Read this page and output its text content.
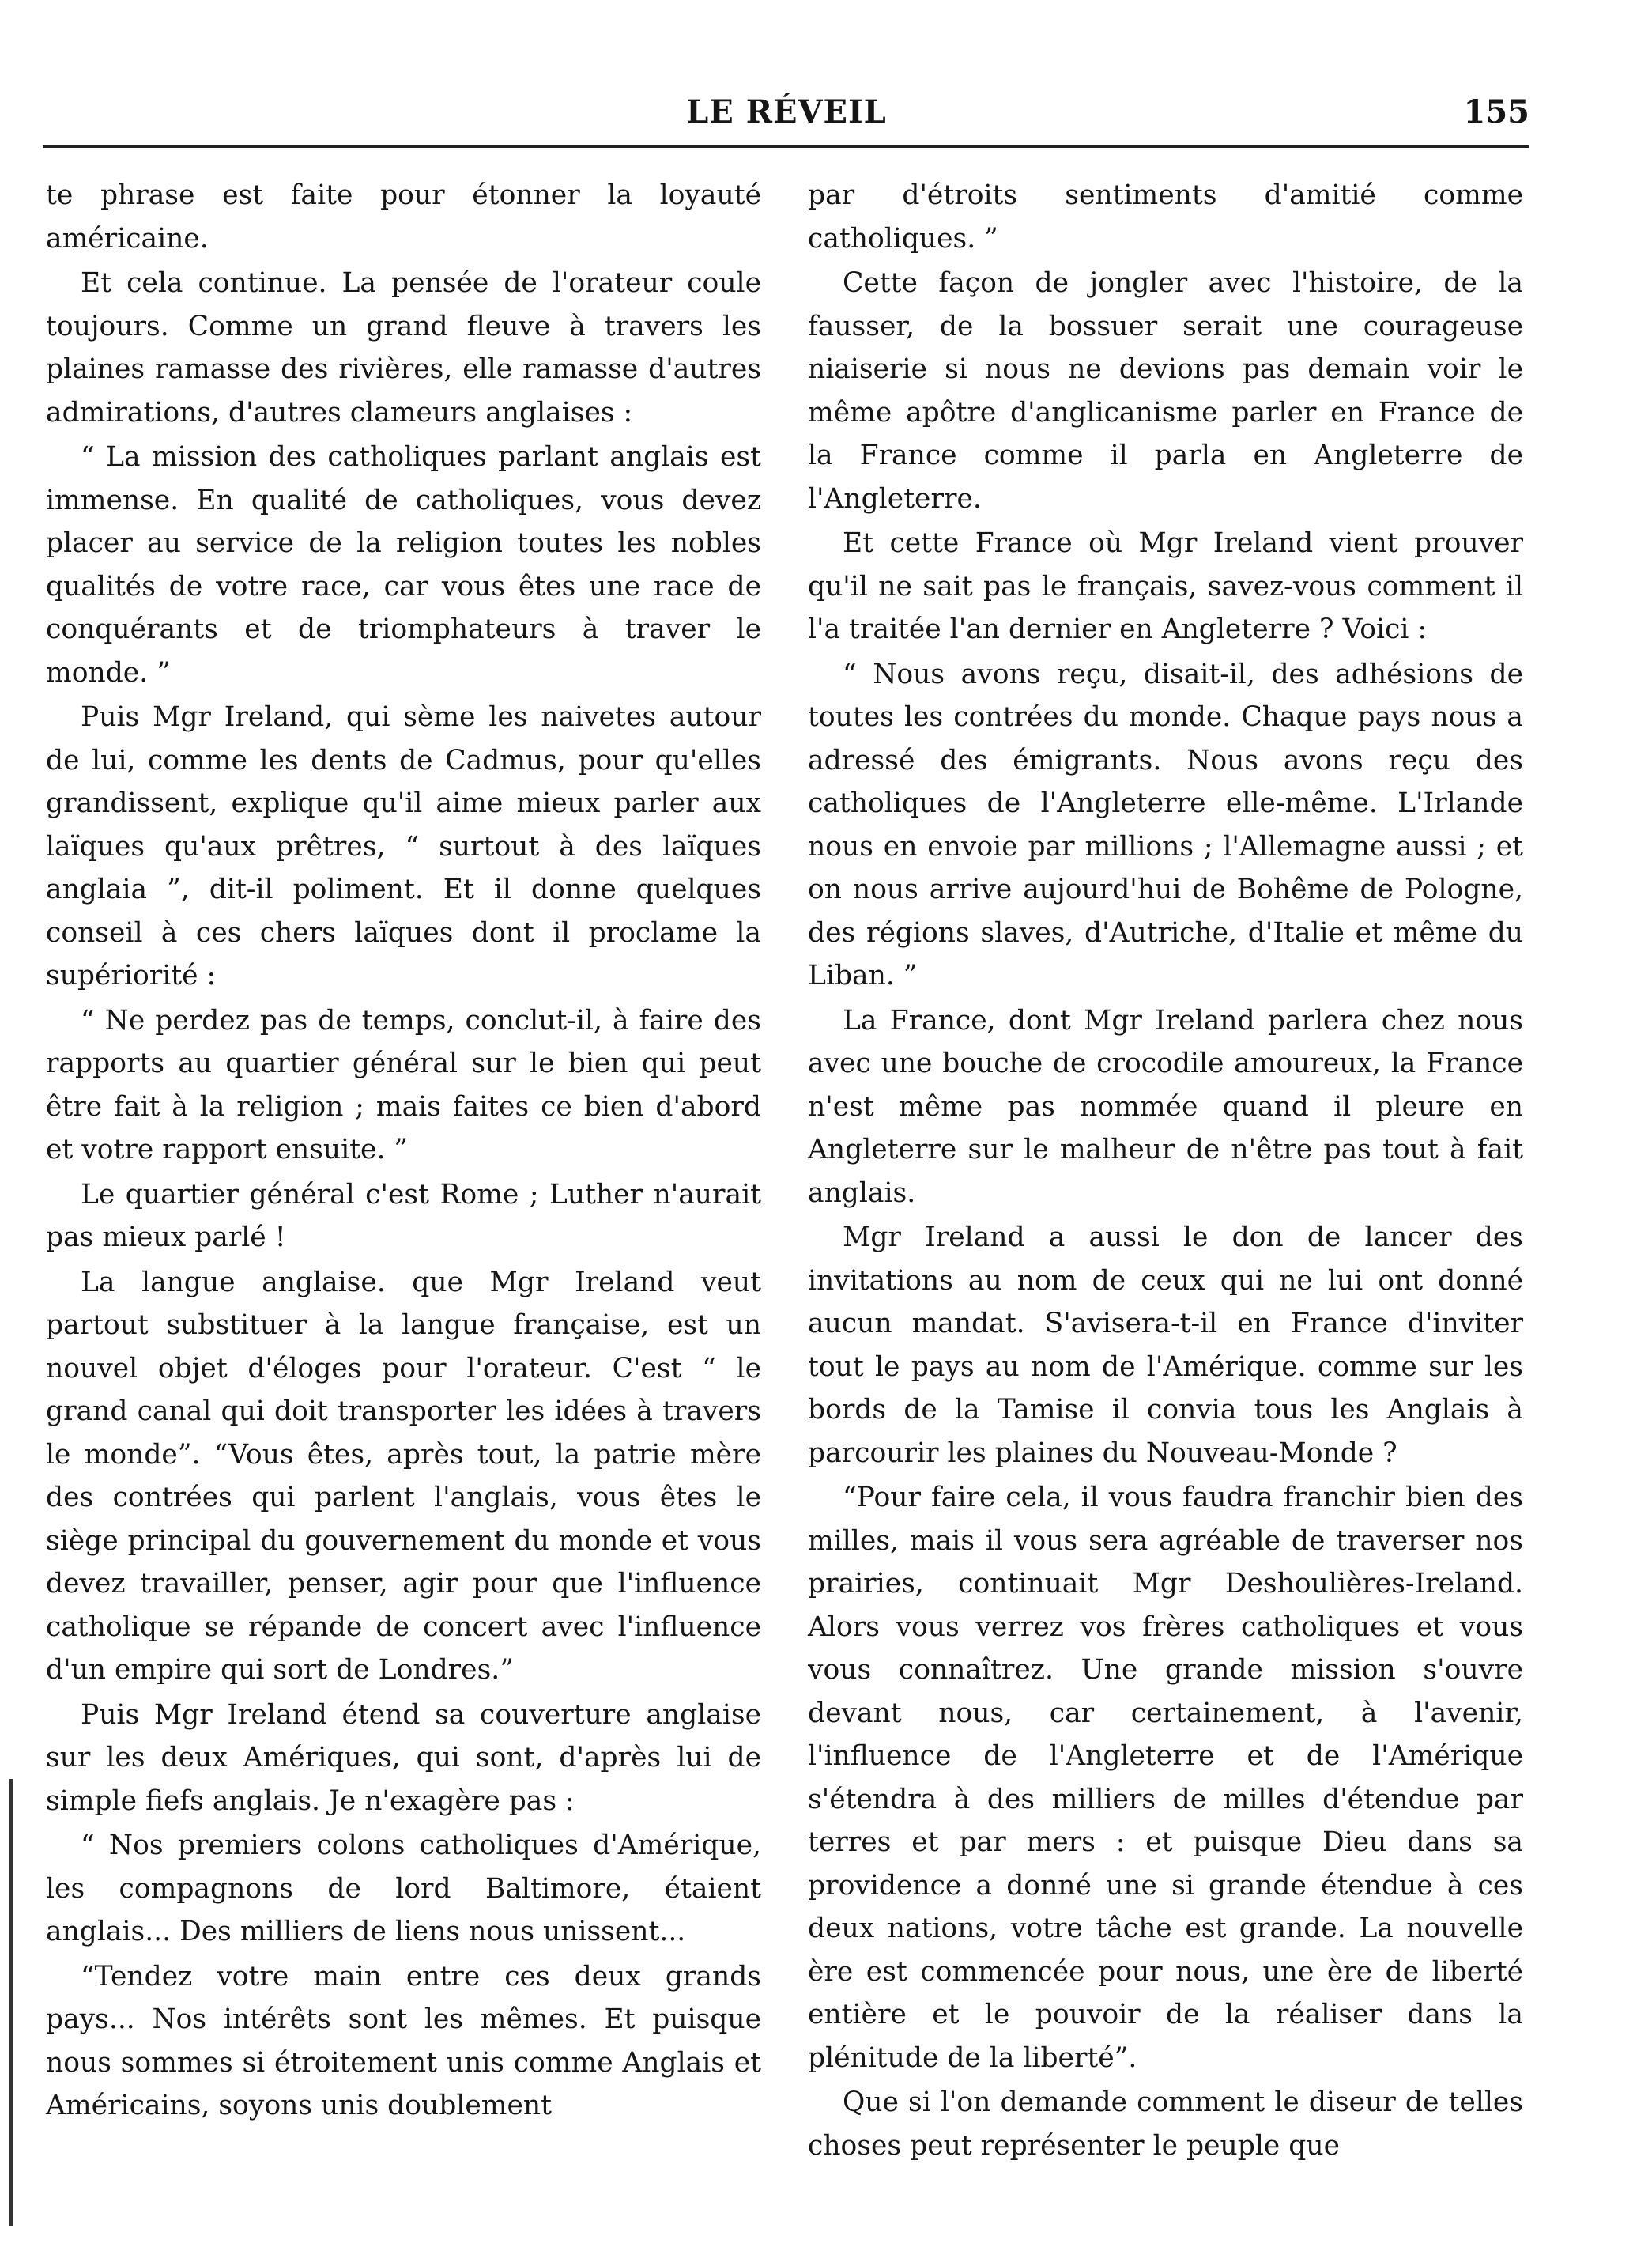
LE RÉVEIL	155

te phrase est faite pour étonner la loyauté américaine.

Et cela continue. La pensée de l'orateur coule toujours. Comme un grand fleuve à travers les plaines ramasse des rivières, elle ramasse d'autres admirations, d'autres clameurs anglaises :

“ La mission des catholiques parlant anglais est immense. En qualité de catholiques, vous devez placer au service de la religion toutes les nobles qualités de votre race, car vous êtes une race de conquérants et de triomphateurs à traver le monde. ”

Puis Mgr Ireland, qui sème les naivetes autour de lui, comme les dents de Cadmus, pour qu'elles grandissent, explique qu'il aime mieux parler aux laïques qu'aux prêtres, “ surtout à des laïques anglaia ”, dit-il poliment. Et il donne quelques conseil à ces chers laïques dont il proclame la supériorité :

“ Ne perdez pas de temps, conclut-il, à faire des rapports au quartier général sur le bien qui peut être fait à la religion ; mais faites ce bien d'abord et votre rapport ensuite. ”

Le quartier général c'est Rome ; Luther n'aurait pas mieux parlé !

La langue anglaise. que Mgr Ireland veut partout substituer à la langue française, est un nouvel objet d'éloges pour l'orateur. C'est “ le grand canal qui doit transporter les idées à travers le monde”. “Vous êtes, après tout, la patrie mère des contrées qui parlent l'anglais, vous êtes le siège principal du gouvernement du monde et vous devez travailler, penser, agir pour que l'influence catholique se répande de concert avec l'influence d'un empire qui sort de Londres.”

Puis Mgr Ireland étend sa couverture anglaise sur les deux Amériques, qui sont, d'après lui de simple fiefs anglais. Je n'exagère pas :

“ Nos premiers colons catholiques d'Amérique, les compagnons de lord Baltimore, étaient anglais... Des milliers de liens nous unissent...

“Tendez votre main entre ces deux grands pays... Nos intérêts sont les mêmes. Et puisque nous sommes si étroitement unis comme Anglais et Américains, soyons unis doublement

par d'étroits sentiments d'amitié comme catholiques. ”

Cette façon de jongler avec l'histoire, de la fausser, de la bossuer serait une courageuse niaiserie si nous ne devions pas demain voir le même apôtre d'anglicanisme parler en France de la France comme il parla en Angleterre de l'Angleterre.

Et cette France où Mgr Ireland vient prouver qu'il ne sait pas le français, savez-vous comment il l'a traitée l'an dernier en Angleterre ? Voici :

“ Nous avons reçu, disait-il, des adhésions de toutes les contrées du monde. Chaque pays nous a adressé des émigrants. Nous avons reçu des catholiques de l'Angleterre elle-même. L'Irlande nous en envoie par millions ; l'Allemagne aussi ; et on nous arrive aujourd'hui de Bohême de Pologne, des régions slaves, d'Autriche, d'Italie et même du Liban. ”

La France, dont Mgr Ireland parlera chez nous avec une bouche de crocodile amoureux, la France n'est même pas nommée quand il pleure en Angleterre sur le malheur de n'être pas tout à fait anglais.

Mgr Ireland a aussi le don de lancer des invitations au nom de ceux qui ne lui ont donné aucun mandat. S'avisera-t-il en France d'inviter tout le pays au nom de l'Amérique. comme sur les bords de la Tamise il convia tous les Anglais à parcourir les plaines du Nouveau-Monde ?

“Pour faire cela, il vous faudra franchir bien des milles, mais il vous sera agréable de traverser nos prairies, continuait Mgr Deshoulières-Ireland. Alors vous verrez vos frères catholiques et vous vous connaîtrez. Une grande mission s'ouvre devant nous, car certainement, à l'avenir, l'influence de l'Angleterre et de l'Amérique s'étendra à des milliers de milles d'étendue par terres et par mers : et puisque Dieu dans sa providence a donné une si grande étendue à ces deux nations, votre tâche est grande. La nouvelle ère est commencée pour nous, une ère de liberté entière et le pouvoir de la réaliser dans la plénitude de la liberté”.

Que si l'on demande comment le diseur de telles choses peut représenter le peuple que
